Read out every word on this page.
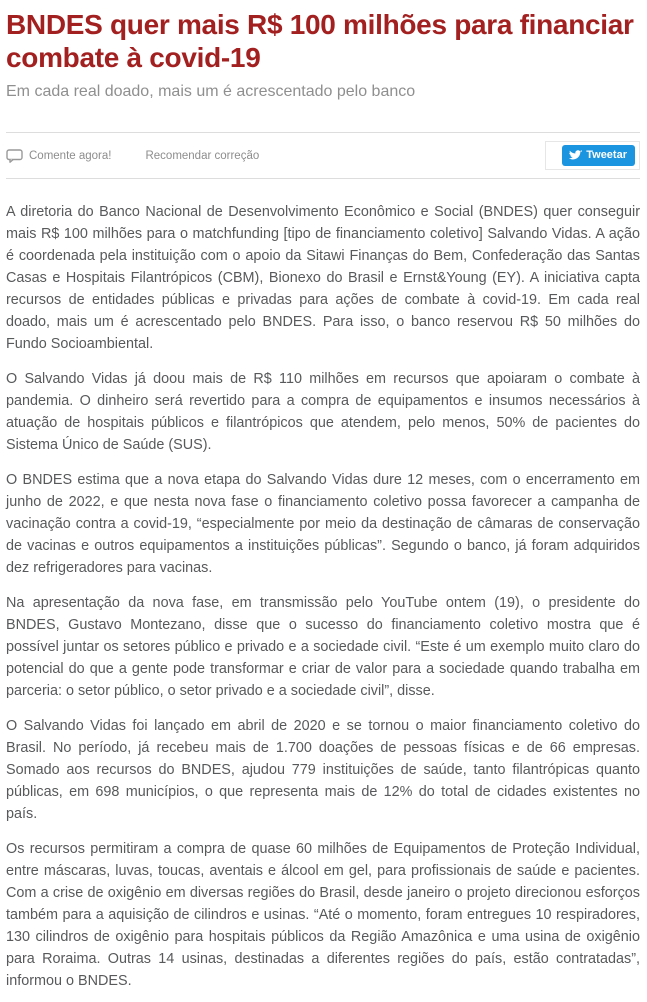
BNDES quer mais R$ 100 milhões para financiar combate à covid-19

Em cada real doado, mais um é acrescentado pelo banco

Comente agora!	Recomendar correção	Tweetar

A diretoria do Banco Nacional de Desenvolvimento Econômico e Social (BNDES) quer conseguir mais R$ 100 milhões para o matchfunding [tipo de financiamento coletivo] Salvando Vidas. A ação é coordenada pela instituição com o apoio da Sitawi Finanças do Bem, Confederação das Santas Casas e Hospitais Filantrópicos (CBM), Bionexo do Brasil e Ernst&Young (EY). A iniciativa capta recursos de entidades públicas e privadas para ações de combate à covid-19. Em cada real doado, mais um é acrescentado pelo BNDES. Para isso, o banco reservou R$ 50 milhões do Fundo Socioambiental.

O Salvando Vidas já doou mais de R$ 110 milhões em recursos que apoiaram o combate à pandemia. O dinheiro será revertido para a compra de equipamentos e insumos necessários à atuação de hospitais públicos e filantrópicos que atendem, pelo menos, 50% de pacientes do Sistema Único de Saúde (SUS).

O BNDES estima que a nova etapa do Salvando Vidas dure 12 meses, com o encerramento em junho de 2022, e que nesta nova fase o financiamento coletivo possa favorecer a campanha de vacinação contra a covid-19, “especialmente por meio da destinação de câmaras de conservação de vacinas e outros equipamentos a instituições públicas”. Segundo o banco, já foram adquiridos dez refrigeradores para vacinas.

Na apresentação da nova fase, em transmissão pelo YouTube ontem (19), o presidente do BNDES, Gustavo Montezano, disse que o sucesso do financiamento coletivo mostra que é possível juntar os setores público e privado e a sociedade civil. “Este é um exemplo muito claro do potencial do que a gente pode transformar e criar de valor para a sociedade quando trabalha em parceria: o setor público, o setor privado e a sociedade civil”, disse.

O Salvando Vidas foi lançado em abril de 2020 e se tornou o maior financiamento coletivo do Brasil. No período, já recebeu mais de 1.700 doações de pessoas físicas e de 66 empresas. Somado aos recursos do BNDES, ajudou 779 instituições de saúde, tanto filantrópicas quanto públicas, em 698 municípios, o que representa mais de 12% do total de cidades existentes no país.

Os recursos permitiram a compra de quase 60 milhões de Equipamentos de Proteção Individual, entre máscaras, luvas, toucas, aventais e álcool em gel, para profissionais de saúde e pacientes. Com a crise de oxigênio em diversas regiões do Brasil, desde janeiro o projeto direcionou esforços também para a aquisição de cilindros e usinas. “Até o momento, foram entregues 10 respiradores, 130 cilindros de oxigênio para hospitais públicos da Região Amazônica e uma usina de oxigênio para Roraima. Outras 14 usinas, destinadas a diferentes regiões do país, estão contratadas”, informou o BNDES.
